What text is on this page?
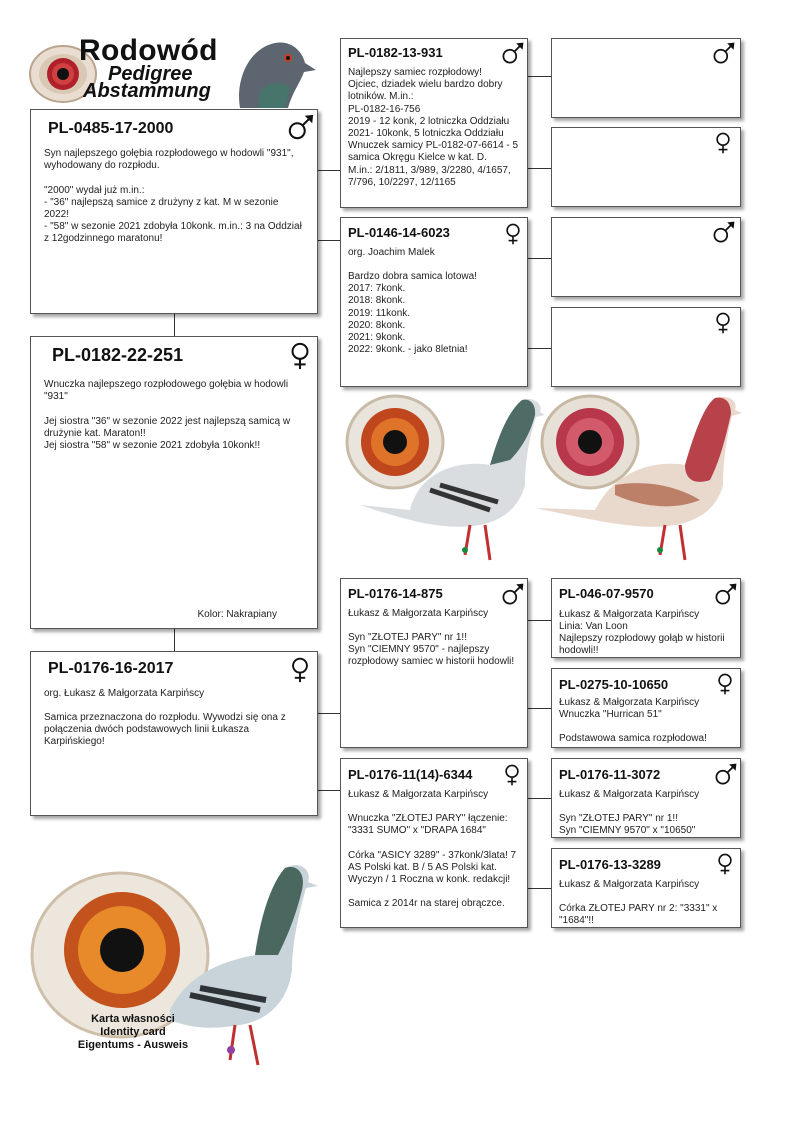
Rodowód
Pedigree
Abstammung
PL-0485-17-2000
Syn najlepszego gołębia rozpłodowego w hodowli "931", wyhodowany do rozpłodu.

"2000" wydał już m.in.:
- "36" najlepszą samice z drużyny z kat. M w sezonie 2022!
- "58" w sezonie 2021 zdobyła 10konk. m.in.: 3 na Oddział z 12godzinnego maratonu!
PL-0182-22-251
Wnuczka najlepszego rozpłodowego gołębia w hodowli "931"

Jej siostra "36" w sezonie 2022 jest najlepszą samicą w drużynie kat. Maraton!!
Jej siostra "58" w sezonie 2021 zdobyła 10konk!!
Kolor: Nakrapiany
PL-0176-16-2017
org. Łukasz & Małgorzata Karpińscy
Samica przeznaczona do rozpłodu. Wywodzi się ona z połączenia dwóch podstawowych linii Łukasza Karpińskiego!
PL-0182-13-931
Najlepszy samiec rozpłodowy!
Ojciec, dziadek wielu bardzo dobry lotników. M.in.:
PL-0182-16-756
2019 - 12 konk, 2 lotniczka Oddziału
2021- 10konk, 5 lotniczka Oddziału
Wnuczek samicy PL-0182-07-6614 - 5 samica Okręgu Kielce w kat. D.
M.in.: 2/1811, 3/989, 3/2280, 4/1657, 7/796, 10/2297, 12/1165
PL-0146-14-6023
org. Joachim Malek
Bardzo dobra samica lotowa!
2017: 7konk.
2018: 8konk.
2019: 11konk.
2020: 8konk.
2021: 9konk.
2022: 9konk. - jako 8letnia!
PL-0176-14-875
Łukasz & Małgorzata Karpińscy
Syn "ZŁOTEJ PARY" nr 1!!
Syn "CIEMNY 9570" - najlepszy rozpłodowy samiec w historii hodowli!
PL-0176-11(14)-6344
Łukasz & Małgorzata Karpińscy
Wnuczka "ZŁOTEJ PARY" łączenie: "3331 SUMO" x "DRAPA 1684"

Córka "ASICY 3289" - 37konk/3lata! 7 AS Polski kat. B / 5 AS Polski kat. Wyczyn / 1 Roczna w konk. redakcji!

Samica z 2014r na starej obrączce.
PL-046-07-9570
Łukasz & Małgorzata Karpińscy
Linia: Van Loon
Najlepszy rozpłodowy gołąb w historii hodowli!!
PL-0275-10-10650
Łukasz & Małgorzata Karpińscy
Wnuczka "Hurrican 51"

Podstawowa samica rozpłodowa!
PL-0176-11-3072
Łukasz & Małgorzata Karpińscy
Syn "ZŁOTEJ PARY" nr 1!!
Syn "CIEMNY 9570" x "10650"
PL-0176-13-3289
Łukasz & Małgorzata Karpińscy
Córka ZŁOTEJ PARY nr 2: "3331" x "1684"!!
Karta własności
Identity card
Eigentums - Ausweis
